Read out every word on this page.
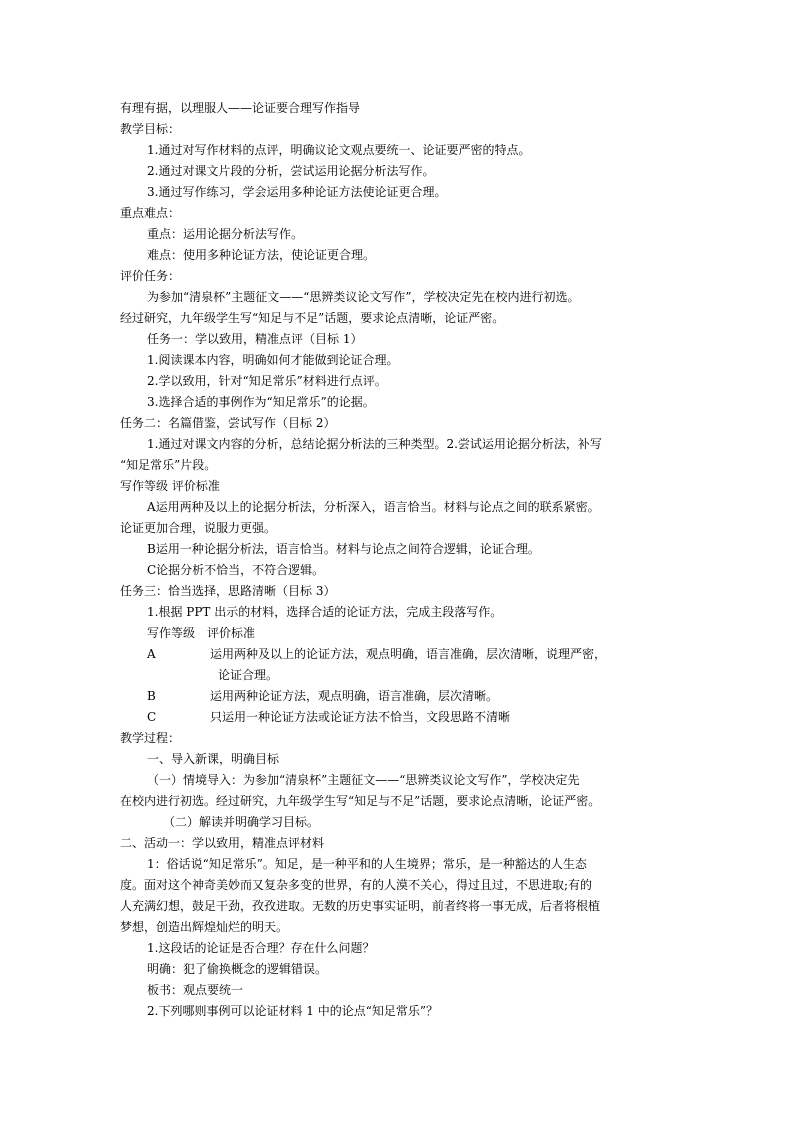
有理有据，以理服人——论证要合理写作指导
教学目标：
1.通过对写作材料的点评，明确议论文观点要统一、论证要严密的特点。
2.通过对课文片段的分析，尝试运用论据分析法写作。
3.通过写作练习，学会运用多种论证方法使论证更合理。
重点难点：
重点：运用论据分析法写作。
难点：使用多种论证方法，使论证更合理。
评价任务：
为参加“清泉杯”主题征文——“思辨类议论文写作”，学校决定先在校内进行初选。
经过研究，九年级学生写“知足与不足”话题，要求论点清晰，论证严密。
任务一：学以致用，精准点评（目标 1）
1.阅读课本内容，明确如何才能做到论证合理。
2.学以致用，针对“知足常乐”材料进行点评。
3.选择合适的事例作为“知足常乐”的论据。
任务二：名篇借鉴，尝试写作（目标 2）
1.通过对课文内容的分析，总结论据分析法的三种类型。2.尝试运用论据分析法，补写
“知足常乐”片段。
写作等级 评价标准
A运用两种及以上的论据分析法，分析深入，语言恰当。材料与论点之间的联系紧密。
论证更加合理，说服力更强。
B运用一种论据分析法，语言恰当。材料与论点之间符合逻辑，论证合理。
C论据分析不恰当，不符合逻辑。
任务三：恰当选择，思路清晰（目标 3）
1.根据 PPT 出示的材料，选择合适的论证方法，完成主段落写作。
写作等级　评价标准
A	运用两种及以上的论证方法，观点明确，语言准确，层次清晰，说理严密，
论证合理。
B	运用两种论证方法，观点明确，语言准确，层次清晰。
C	只运用一种论证方法或论证方法不恰当，文段思路不清晰
教学过程：
一、导入新课，明确目标
（一）情境导入：为参加“清泉杯”主题征文——“思辨类议论文写作”，学校决定先
在校内进行初选。经过研究，九年级学生写“知足与不足”话题，要求论点清晰，论证严密。
（二）解读并明确学习目标。
二、活动一：学以致用，精准点评材料
1：俗话说“知足常乐”。知足，是一种平和的人生境界；常乐，是一种豁达的人生态
度。面对这个神奇美妙而又复杂多变的世界，有的人漠不关心，得过且过，不思进取;有的
人充满幻想，鼓足干劲，孜孜进取。无数的历史事实证明，前者终将一事无成，后者将根植
梦想，创造出辉煌灿烂的明天。
1.这段话的论证是否合理？存在什么问题？
明确：犯了偷换概念的逻辑错误。
板书：观点要统一
2.下列哪则事例可以论证材料 1 中的论点“知足常乐”？
